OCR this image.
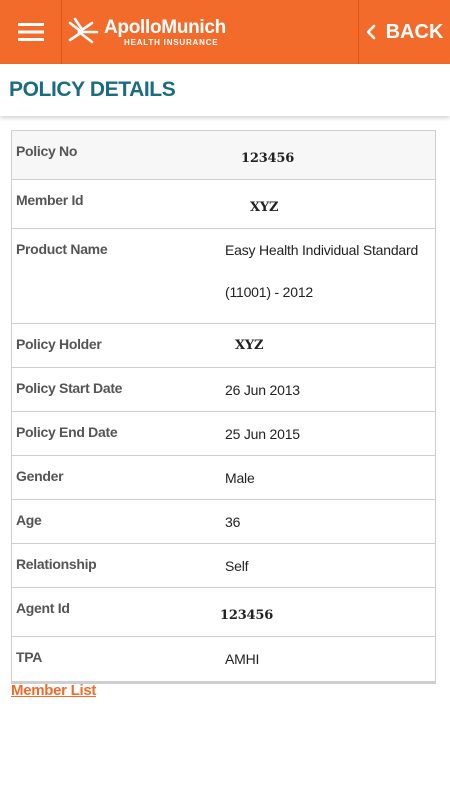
ApolloMunich
HEALTH INSURANCE	BACK
POLICY DETAILS
Policy No	123456
Member Id	XYZ
Product Name	Easy Health Individual Standard
(11001) - 2012
Policy Holder	XYZ
Policy Start Date	26 Jun 2013
Policy End Date	25 Jun 2015
Gender	Male
Age	36
Relationship	Self
Agent Id	123456
TPA	AMHI
Member List
